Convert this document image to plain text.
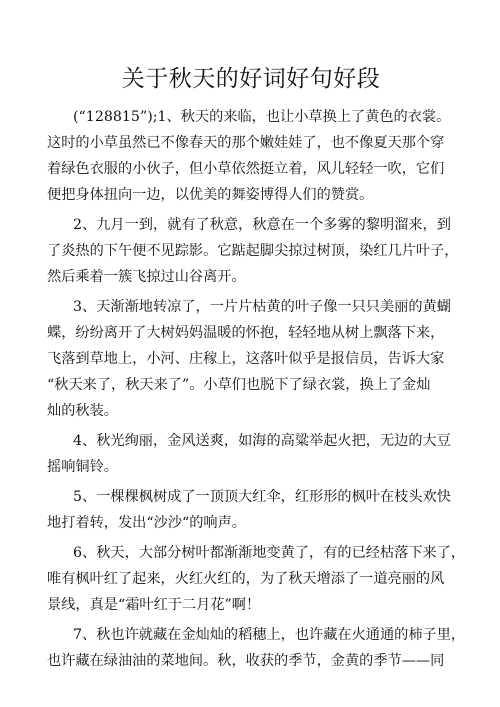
关于秋天的好词好句好段
(“128815”);1、秋天的来临，也让小草换上了黄色的衣裳。
这时的小草虽然已不像春天的那个嫩娃娃了，也不像夏天那个穿
着绿色衣服的小伙子，但小草依然挺立着，风儿轻轻一吹，它们
便把身体扭向一边，以优美的舞姿博得人们的赞赏。
2、九月一到，就有了秋意，秋意在一个多雾的黎明溜来，到
了炎热的下午便不见踪影。它踮起脚尖掠过树顶，染红几片叶子，
然后乘着一簇飞掠过山谷离开。
3、天渐渐地转凉了，一片片枯黄的叶子像一只只美丽的黄蝴
蝶，纷纷离开了大树妈妈温暖的怀抱，轻轻地从树上飘落下来，
飞落到草地上，小河、庄稼上，这落叶似乎是报信员，告诉大家
“秋天来了，秋天来了”。小草们也脱下了绿衣裳，换上了金灿
灿的秋装。
4、秋光绚丽，金风送爽，如海的高粱举起火把，无边的大豆
摇响铜铃。
5、一棵棵枫树成了一顶顶大红伞，红形形的枫叶在枝头欢快
地打着转，发出“沙沙“的响声。
6、秋天，大部分树叶都渐渐地变黄了，有的已经枯落下来了，
唯有枫叶红了起来，火红火红的，为了秋天增添了一道亮丽的风
景线，真是“霜叶红于二月花”啊！
7、秋也许就藏在金灿灿的稻穗上，也许藏在火通通的柿子里，
也许藏在绿油油的菜地间。秋，收获的季节，金黄的季节——同
